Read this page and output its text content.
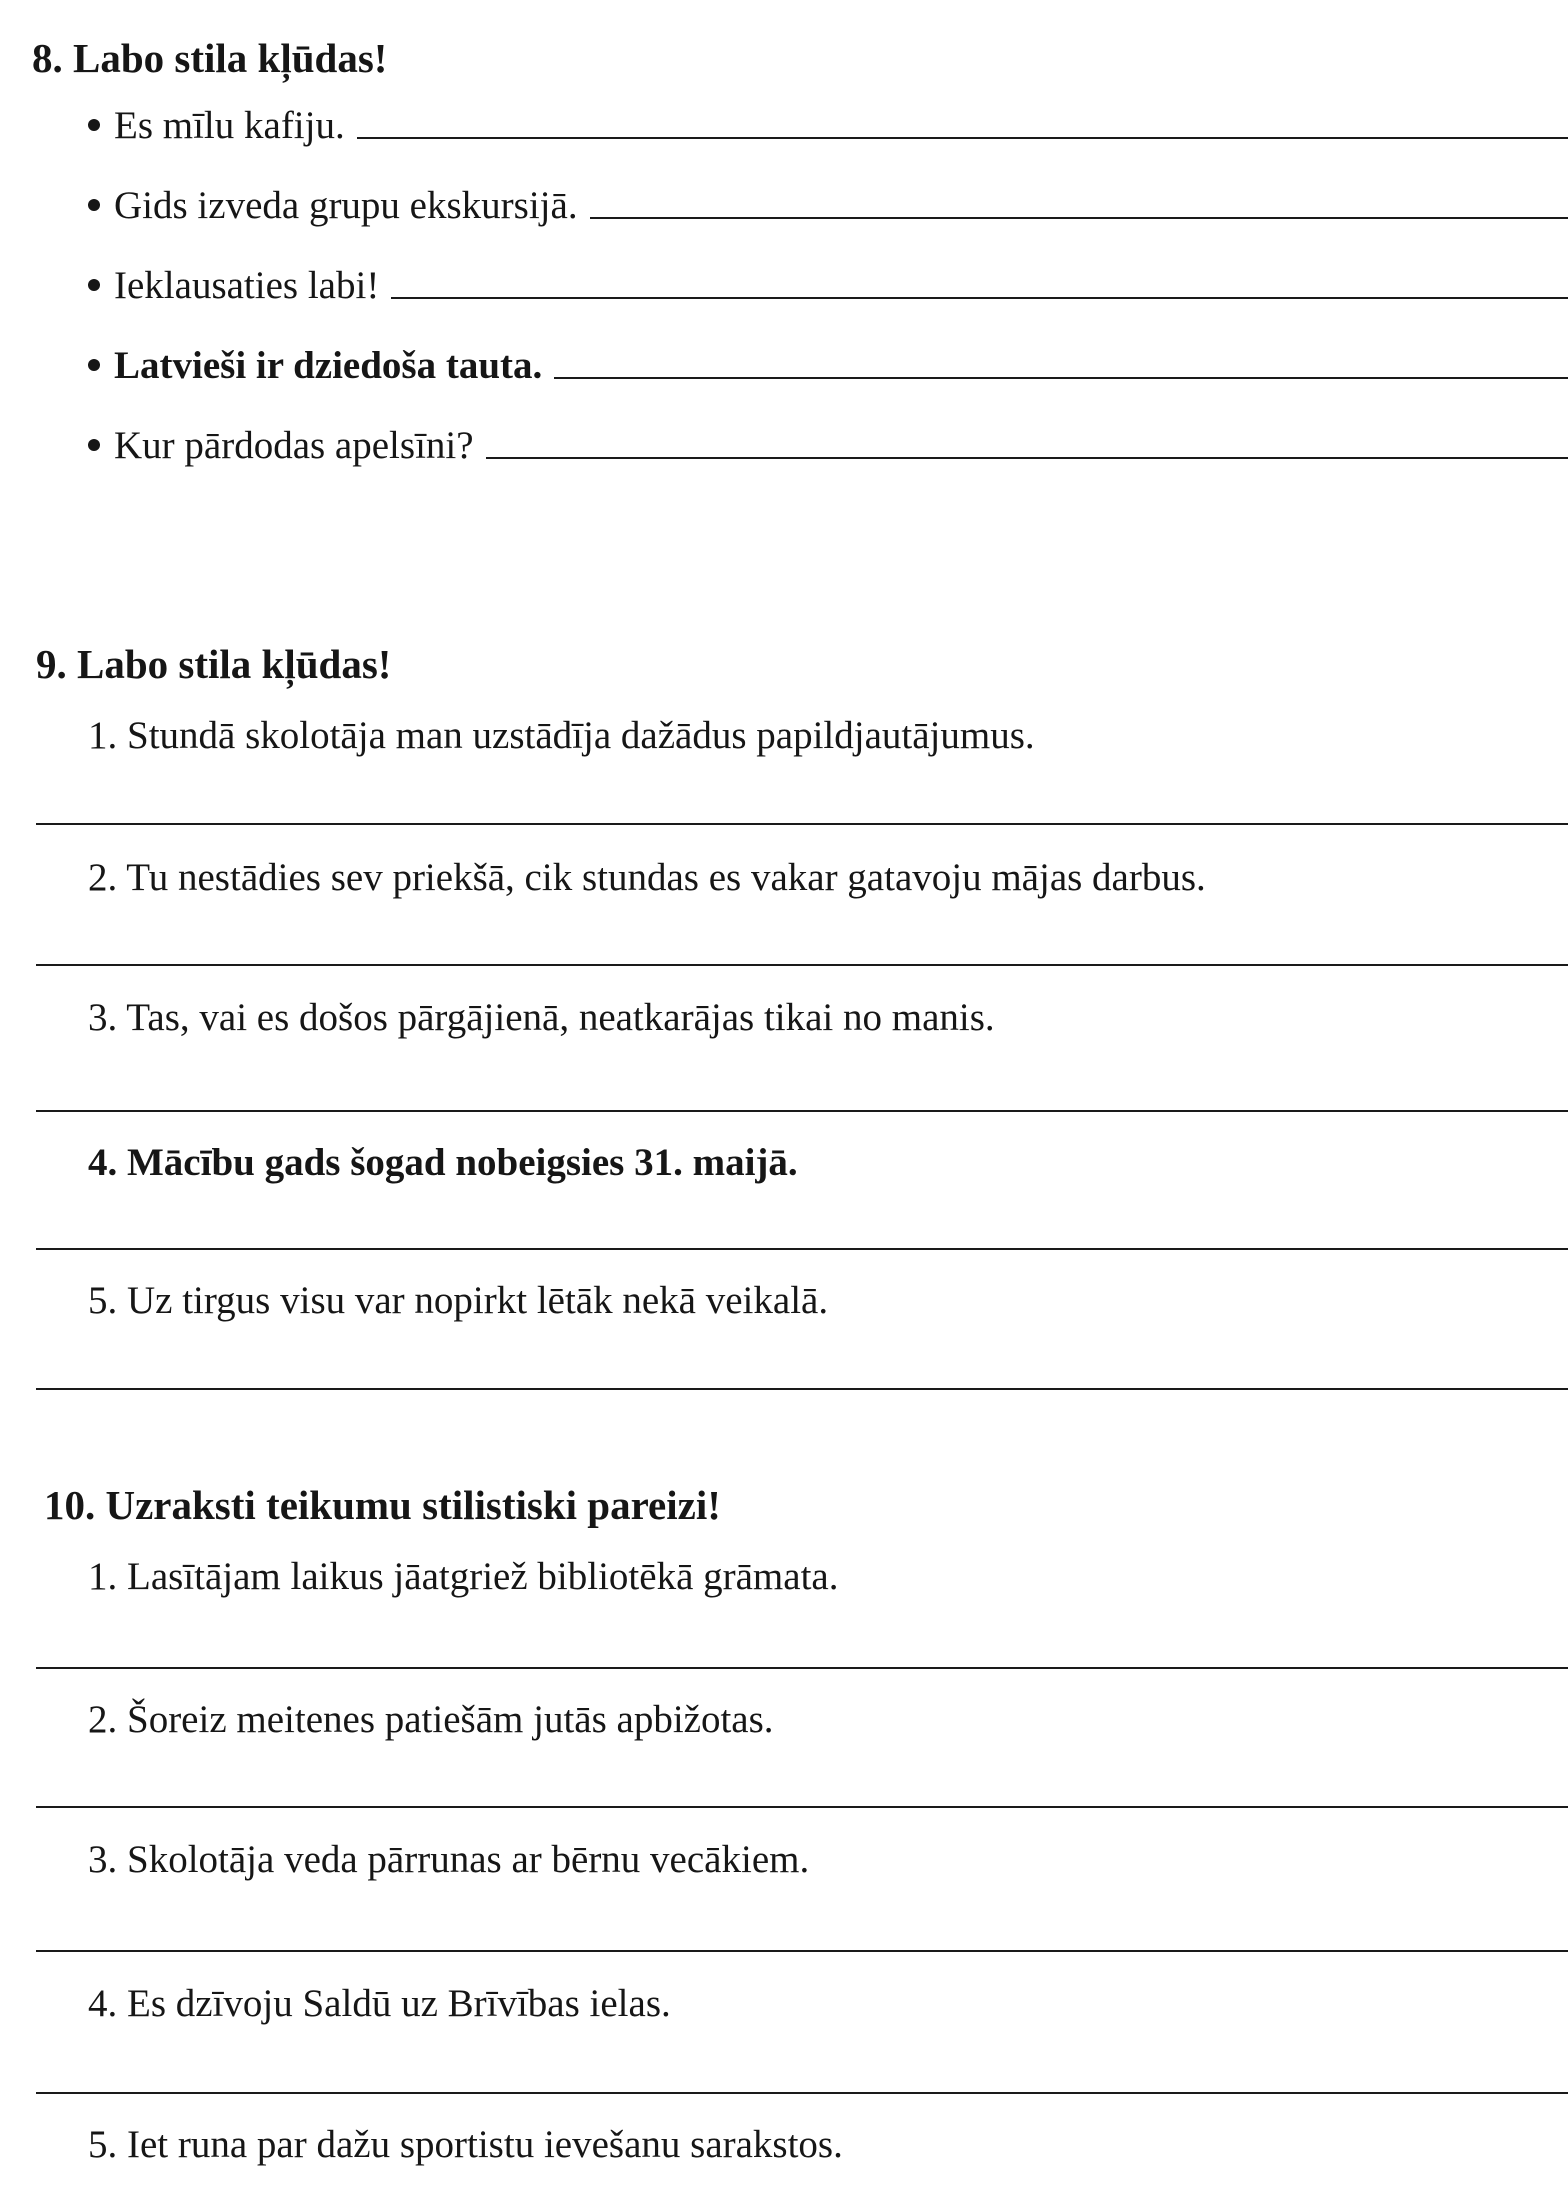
8. Labo stila kļūdas!
Es mīlu kafiju.
Gids izveda grupu ekskursijā.
Ieklausaties labi!
Latvieši ir dziedoša tauta.
Kur pārdodas apelsīni?
9. Labo stila kļūdas!
1. Stundā skolotāja man uzstādīja dažādus papildjautājumus.
2. Tu nestādies sev priekšā, cik stundas es vakar gatavoju mājas darbus.
3. Tas, vai es došos pārgājienā, neatkarājas tikai no manis.
4. Mācību gads šogad nobeigsies 31. maijā.
5. Uz tirgus visu var nopirkt lētāk nekā veikalā.
10. Uzraksti teikumu stilistiski pareizi!
1. Lasītājam laikus jāatgriež bibliotēkā grāmata.
2. Šoreiz meitenes patiešām jutās apbižotas.
3. Skolotāja veda pārrunas ar bērnu vecākiem.
4. Es dzīvoju Saldū uz Brīvības ielas.
5. Iet runa par dažu sportistu ievešanu sarakstos.
